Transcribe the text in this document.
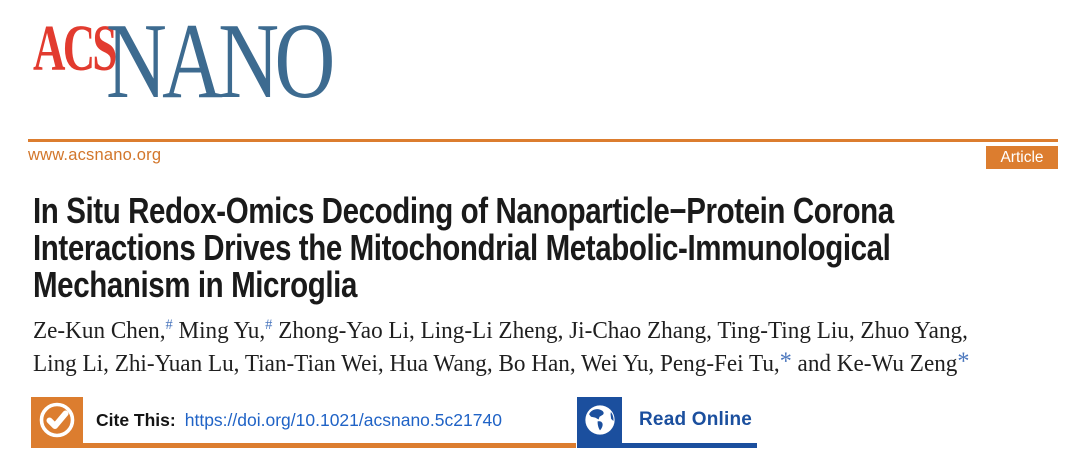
ACS
NANO
www.acsnano.org	Article
In Situ Redox-Omics Decoding of Nanoparticle−Protein Corona
Interactions Drives the Mitochondrial Metabolic-Immunological
Mechanism in Microglia
Ze-Kun Chen,# Ming Yu,# Zhong-Yao Li, Ling-Li Zheng, Ji-Chao Zhang, Ting-Ting Liu, Zhuo Yang,
Ling Li, Zhi-Yuan Lu, Tian-Tian Wei, Hua Wang, Bo Han, Wei Yu, Peng-Fei Tu,* and Ke-Wu Zeng*
Cite This: https://doi.org/10.1021/acsnano.5c21740	Read Online
